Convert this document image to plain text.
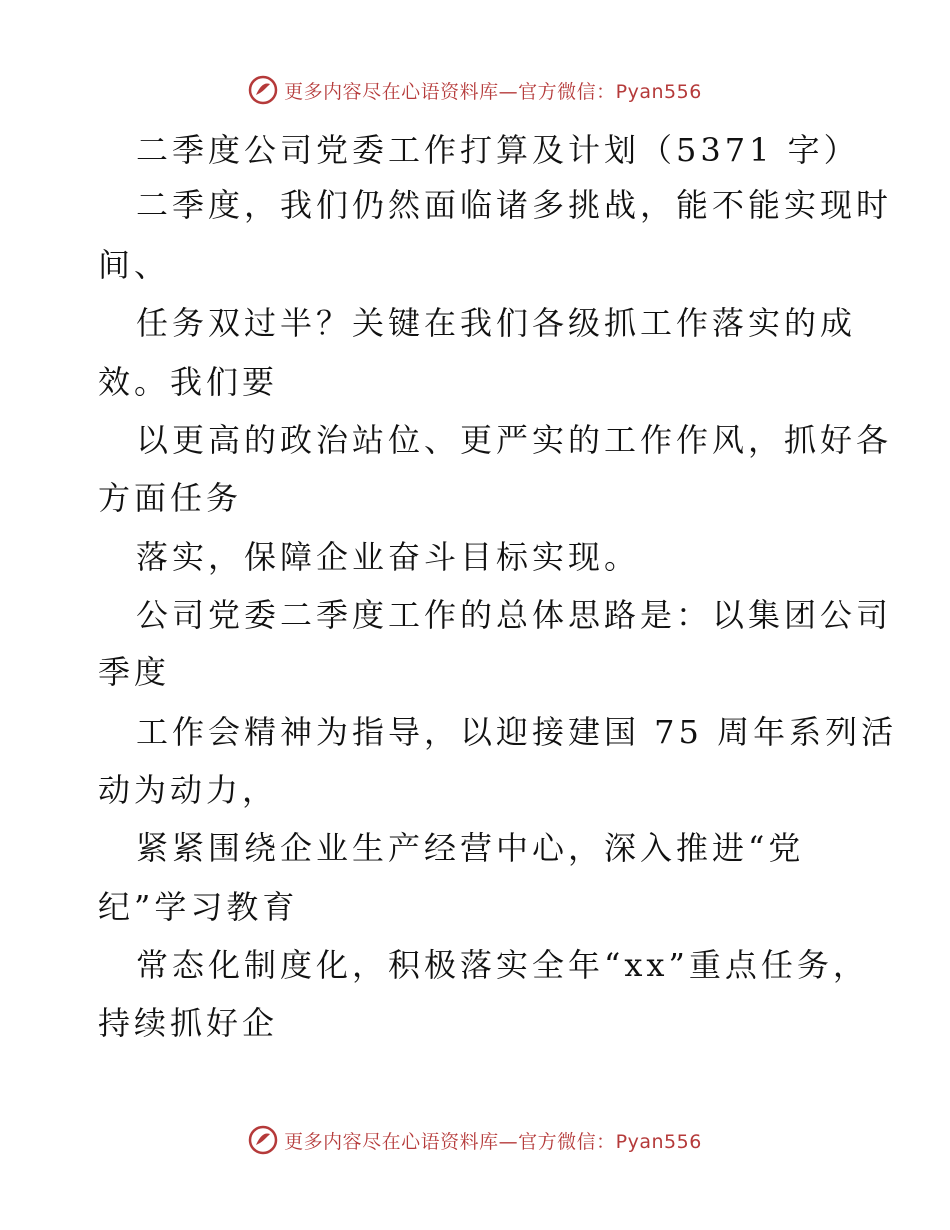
更多内容尽在心语资料库—官方微信：Pyan556
二季度公司党委工作打算及计划（5371 字）
二季度，我们仍然面临诸多挑战，能不能实现时
间、
任务双过半？关键在我们各级抓工作落实的成
效。我们要
以更高的政治站位、更严实的工作作风，抓好各
方面任务
落实，保障企业奋斗目标实现。
公司党委二季度工作的总体思路是：以集团公司
季度
工作会精神为指导，以迎接建国 75 周年系列活
动为动力，
紧紧围绕企业生产经营中心，深入推进“党
纪”学习教育
常态化制度化，积极落实全年“xx”重点任务，
持续抓好企
更多内容尽在心语资料库—官方微信：Pyan556
